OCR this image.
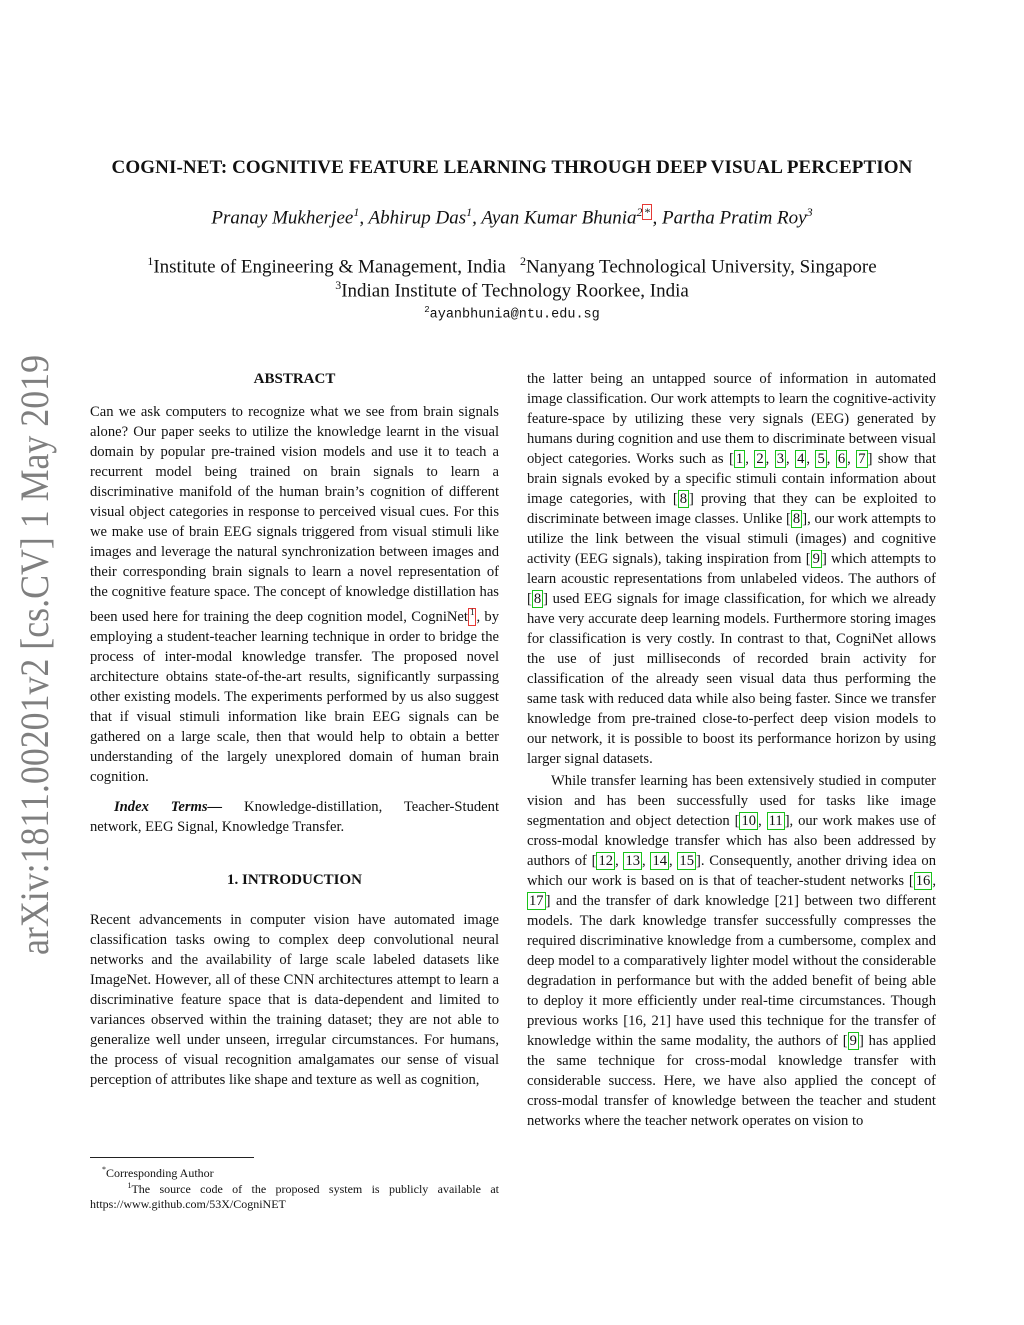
arXiv:1811.00201v2 [cs.CV] 1 May 2019
COGNI-NET: COGNITIVE FEATURE LEARNING THROUGH DEEP VISUAL PERCEPTION
Pranay Mukherjee$^1$, Abhirup Das$^1$, Ayan Kumar Bhunia$^{2 *}$ , Partha Pratim Roy$^3$
$^1$Institute of Engineering & Management, India $^2$Nanyang Technological University, Singapore
$^3$Indian Institute of Technology Roorkee, India
$^2$ayanbhunia@ntu.edu.sg
ABSTRACT

Can we ask computers to recognize what we see from brain signals alone? Our paper seeks to utilize the knowledge learnt in the visual domain by popular pre-trained vision models and use it to teach a recurrent model being trained on brain signals to learn a discriminative manifold of the human brain’s cognition of different visual object categories in response to perceived visual cues. For this we make use of brain EEG signals triggered from visual stimuli like images and leverage the natural synchronization between images and their corresponding brain signals to learn a novel representation of the cognitive feature space. The concept of knowledge distillation has been used here for training the deep cognition model, CogniNet $^1$ , by employing a student-teacher learning technique in order to bridge the process of inter-modal knowledge transfer. The proposed novel architecture obtains state-of-the-art results, significantly surpassing other existing models. The experiments performed by us also suggest that if visual stimuli information like brain EEG signals can be gathered on a large scale, then that would help to obtain a better understanding of the largely unexplored domain of human brain cognition.

Index Terms— Knowledge-distillation, Teacher-Student network, EEG Signal, Knowledge Transfer.

1. INTRODUCTION

Recent advancements in computer vision have automated image classification tasks owing to complex deep convolutional neural networks and the availability of large scale labeled datasets like ImageNet. However, all of these CNN architectures attempt to learn a discriminative feature space that is data-dependent and limited to variances observed within the training dataset; they are not able to generalize well under unseen, irregular circumstances. For humans, the process of visual recognition amalgamates our sense of visual perception of attributes like shape and texture as well as cognition,

*Corresponding Author
$^1$The source code of the proposed system is publicly available at https://www.github.com/53X/CogniNET

the latter being an untapped source of information in automated image classification. Our work attempts to learn the cognitive-activity feature-space by utilizing these very signals (EEG) generated by humans during cognition and use them to discriminate between visual object categories. Works such as [ 1 , 2 , 3 , 4 , 5 , 6 , 7 ] show that brain signals evoked by a specific stimuli contain information about image categories, with [ 8 ] proving that they can be exploited to discriminate between image classes. Unlike [ 8 ], our work attempts to utilize the link between the visual stimuli (images) and cognitive activity (EEG signals), taking inspiration from [ 9 ] which attempts to learn acoustic representations from unlabeled videos. The authors of [ 8 ] used EEG signals for image classification, for which we already have very accurate deep learning models. Furthermore storing images for classification is very costly. In contrast to that, CogniNet allows the use of just milliseconds of recorded brain activity for classification of the already seen visual data thus performing the same task with reduced data while also being faster. Since we transfer knowledge from pre-trained close-to-perfect deep vision models to our network, it is possible to boost its performance horizon by using larger signal datasets.

While transfer learning has been extensively studied in computer vision and has been successfully used for tasks like image segmentation and object detection [ 10 , 11 ], our work makes use of cross-modal knowledge transfer which has also been addressed by authors of [ 12 , 13 , 14 , 15 ]. Consequently, another driving idea on which our work is based on is that of teacher-student networks [ 16 , 17 ] and the transfer of dark knowledge [21] between two different models. The dark knowledge transfer successfully compresses the required discriminative knowledge from a cumbersome, complex and deep model to a comparatively lighter model without the considerable degradation in performance but with the added benefit of being able to deploy it more efficiently under real-time circumstances. Though previous works [16, 21] have used this technique for the transfer of knowledge within the same modality, the authors of [ 9 ] has applied the same technique for cross-modal knowledge transfer with considerable success. Here, we have also applied the concept of cross-modal transfer of knowledge between the teacher and student networks where the teacher network operates on vision to
